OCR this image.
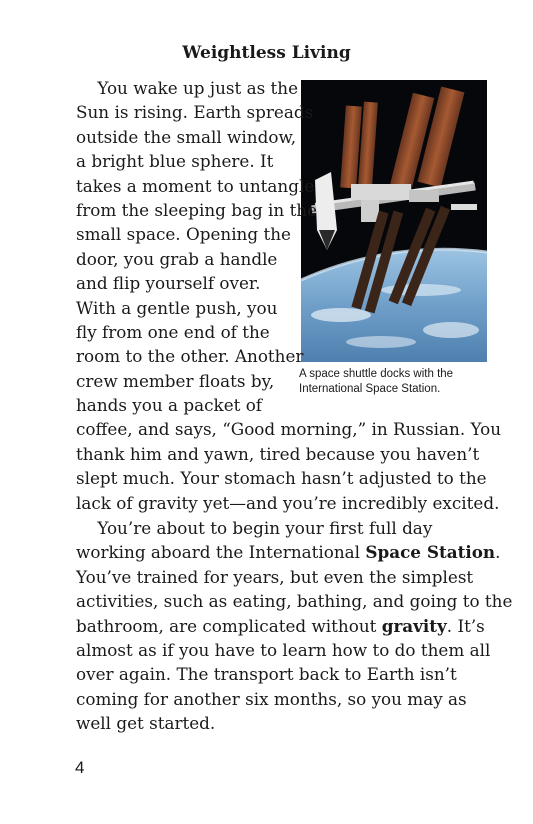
Weightless Living
A space shuttle docks with the
International Space Station.
You wake up just as the
Sun is rising. Earth spreads
outside the small window,
a bright blue sphere. It
takes a moment to untangle
from the sleeping bag in the
small space. Opening the
door, you grab a handle
and flip yourself over.
With a gentle push, you
fly from one end of the
room to the other. Another
crew member floats by,
hands you a packet of
coffee, and says, “Good morning,” in Russian. You
thank him and yawn, tired because you haven’t
slept much. Your stomach hasn’t adjusted to the
lack of gravity yet—and you’re incredibly excited.
You’re about to begin your first full day
working aboard the International Space Station.
You’ve trained for years, but even the simplest
activities, such as eating, bathing, and going to the
bathroom, are complicated without gravity. It’s
almost as if you have to learn how to do them all
over again. The transport back to Earth isn’t
coming for another six months, so you may as
well get started.
4
